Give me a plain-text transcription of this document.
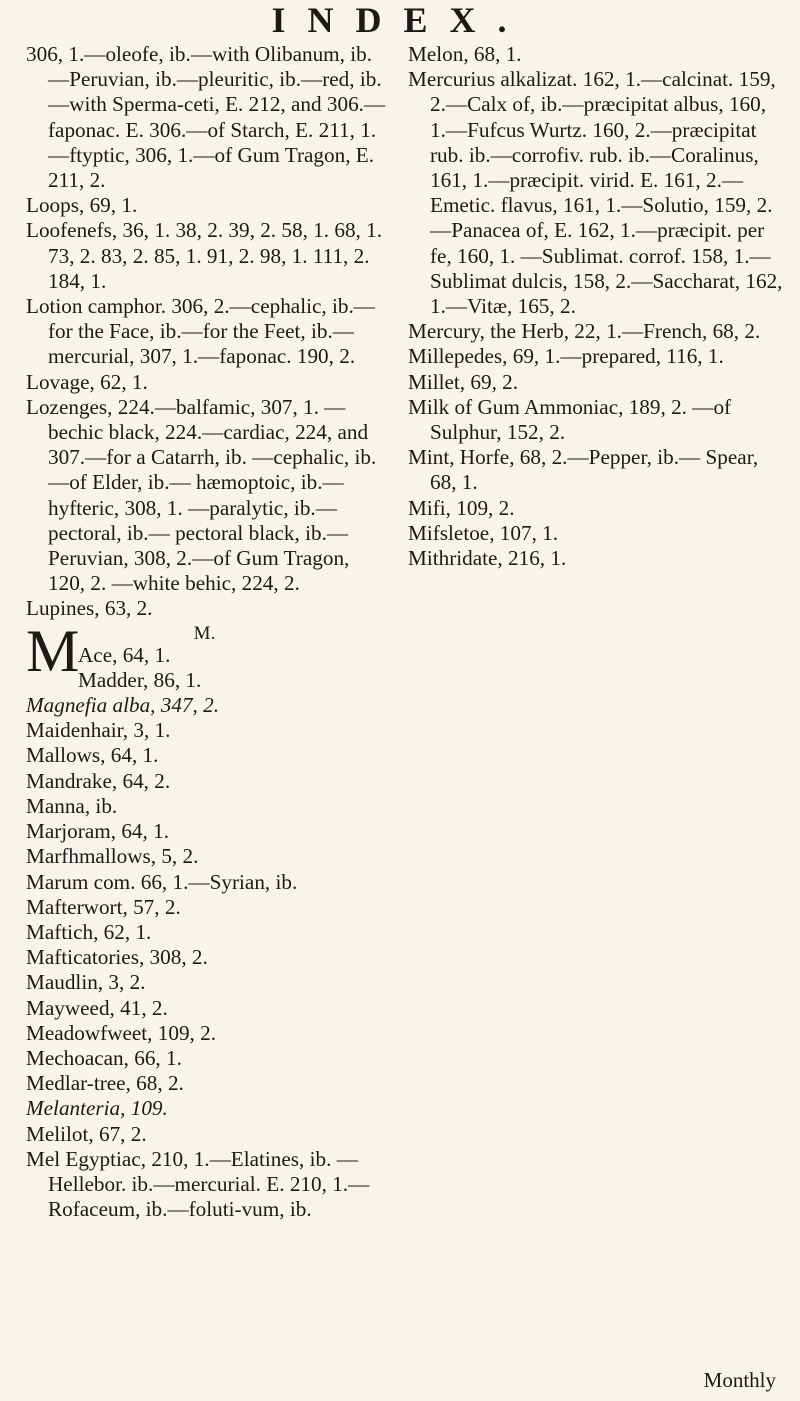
INDEX.
306, 1.—oleofe, ib.—with Olibanum, ib.—Peruvian, ib.—pleuritic, ib.—red, ib.—with Sperma-ceti, E. 212, and 306.—faponac. E. 306.—of Starch, E. 211, 1. —ftyptic, 306, 1.—of Gum Tragon, E. 211, 2.
Loops, 69, 1.
Loofenefs, 36, 1. 38, 2. 39, 2. 58, 1. 68, 1. 73, 2. 83, 2. 85, 1. 91, 2. 98, 1. 111, 2. 184, 1.
Lotion camphor. 306, 2.—cephalic, ib.—for the Face, ib.—for the Feet, ib.—mercurial, 307, 1.—faponac. 190, 2.
Lovage, 62, 1.
Lozenges, 224.—balfamic, 307, 1. —bechic black, 224.—cardiac, 224, and 307.—for a Catarrh, ib. —cephalic, ib.—of Elder, ib.— hæmoptoic, ib.—hyfteric, 308, 1. —paralytic, ib.—pectoral, ib.— pectoral black, ib.—Peruvian, 308, 2.—of Gum Tragon, 120, 2. —white behic, 224, 2.
Lupines, 63, 2.
M.
M
Ace, 64, 1.
Madder, 86, 1.
Magnefia alba, 347, 2.
Maidenhair, 3, 1.
Mallows, 64, 1.
Mandrake, 64, 2.
Manna, ib.
Marjoram, 64, 1.
Marfhmallows, 5, 2.
Marum com. 66, 1.—Syrian, ib.
Mafterwort, 57, 2.
Maftich, 62, 1.
Mafticatories, 308, 2.
Maudlin, 3, 2.
Mayweed, 41, 2.
Meadowfweet, 109, 2.
Mechoacan, 66, 1.
Medlar-tree, 68, 2.
Melanteria, 109.
Melilot, 67, 2.
Mel Egyptiac, 210, 1.—Elatines, ib. —Hellebor. ib.—mercurial. E. 210, 1.—Rofaceum, ib.—foluti-vum, ib.
Melon, 68, 1.
Mercurius alkalizat. 162, 1.—calcinat. 159, 2.—Calx of, ib.—præcipitat albus, 160, 1.—Fufcus Wurtz. 160, 2.—præcipitat rub. ib.—corrofiv. rub. ib.—Coralinus, 161, 1.—præcipit. virid. E. 161, 2.—Emetic. flavus, 161, 1.—Solutio, 159, 2.—Panacea of, E. 162, 1.—præcipit. per fe, 160, 1. —Sublimat. corrof. 158, 1.—Sublimat dulcis, 158, 2.—Saccharat, 162, 1.—Vitæ, 165, 2.
Mercury, the Herb, 22, 1.—French, 68, 2.
Millepedes, 69, 1.—prepared, 116, 1.
Millet, 69, 2.
Milk of Gum Ammoniac, 189, 2. —of Sulphur, 152, 2.
Mint, Horfe, 68, 2.—Pepper, ib.— Spear, 68, 1.
Mifi, 109, 2.
Mifsletoe, 107, 1.
Mithridate, 216, 1.
Monthly
